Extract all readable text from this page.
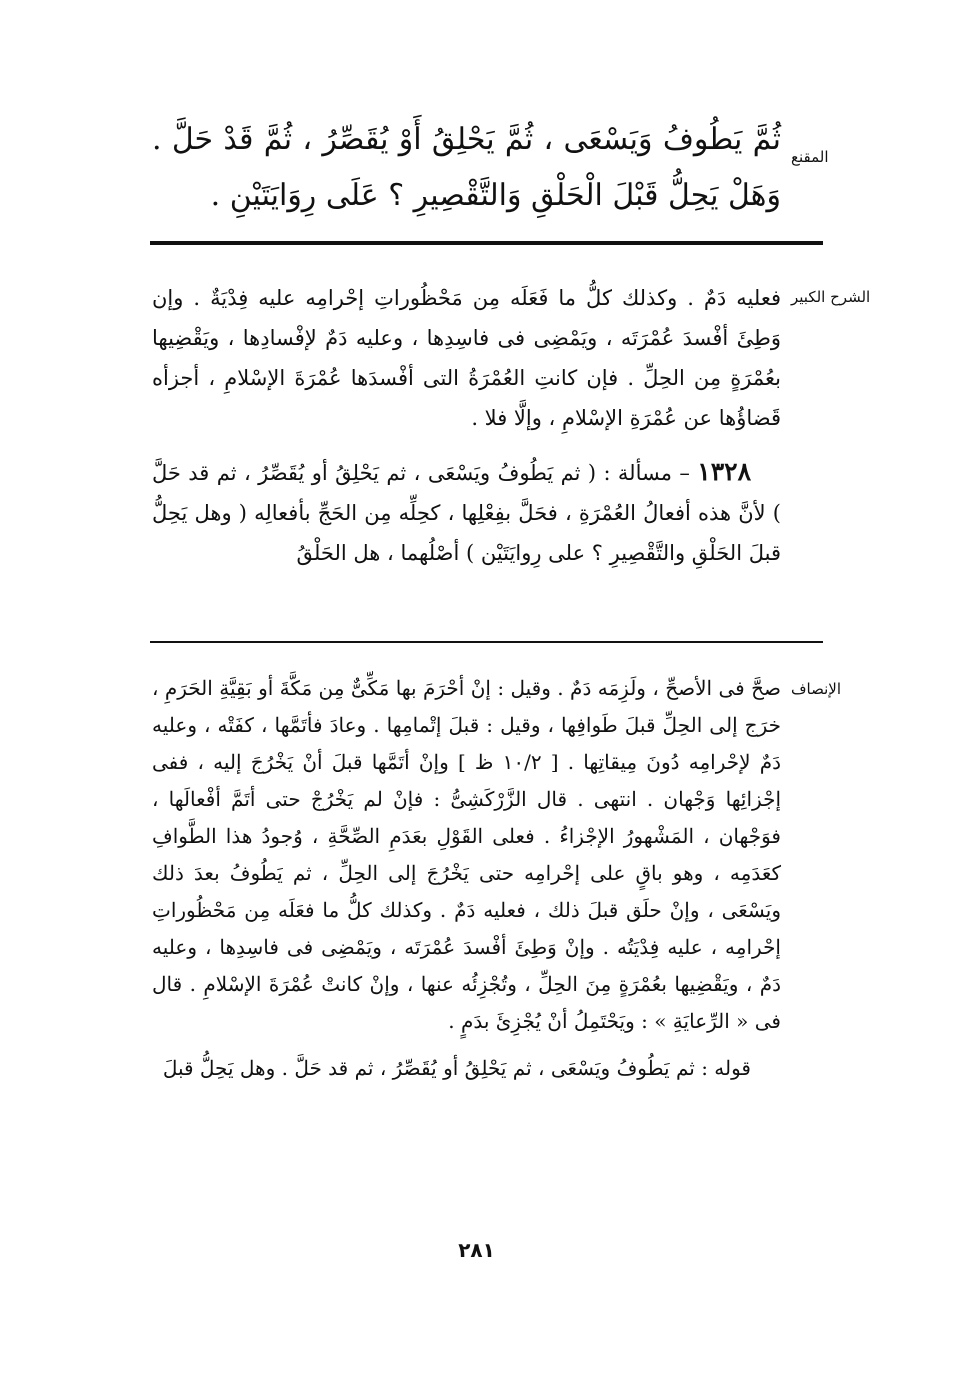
المقنع

ثُمَّ يَطُوفُ وَيَسْعَى ، ثُمَّ يَحْلِقُ أَوْ يُقَصِّرُ ، ثُمَّ قَدْ حَلَّ . وَهَلْ يَحِلُّ قَبْلَ الْحَلْقِ وَالتَّقْصِيرِ ؟ عَلَى رِوَايَتَيْنِ .

الشرح الكبير

فعليه دَمٌ . وكذلك كلُّ ما فَعَلَه مِن مَحْظُوراتِ إحْرامِه عليه فِدْيَةٌ . وإن وَطِئَ أفْسدَ عُمْرَتَه ، ويَمْضِى فى فاسِدِها ، وعليه دَمٌ لإفْسادِها ، ويَقْضِيها بعُمْرَةٍ مِن الحِلِّ . فإن كانتِ العُمْرَةُ التى أفْسدَها عُمْرَةَ الإسْلامِ ، أجزأه قَضاؤُها عن عُمْرَةِ الإسْلامِ ، وإلَّا فلا .

١٣٢٨ – مسألة : ( ثم يَطُوفُ ويَسْعَى ، ثم يَحْلِقُ أو يُقَصِّرُ ، ثم قد حَلَّ ) لأنَّ هذه أفعالُ العُمْرَةِ ، فحَلَّ بفِعْلِها ، كحِلِّه مِن الحَجِّ بأفعالِه ( وهل يَحِلُّ قبلَ الحَلْقِ والتَّقْصِيرِ ؟ على رِوايَتَيْن ) أصْلُهما ، هل الحَلْقُ

الإنصاف

صحَّ فى الأصحِّ ، ولَزِمَه دَمٌ . وقيل : إنْ أحْرَمَ بها مَكِّىٌّ مِن مَكَّةَ أو بَقِيَّةِ الحَرَمِ ، خرَج إلى الحِلِّ قبلَ طَوافِها ، وقيل : قبلَ إتْمامِها . وعادَ فأتَمَّها ، كفَتْه ، وعليه دَمٌ لإحْرامِه دُونَ مِيقاتِها . [ ١٠/٢ ظ ] وإنْ أتَمَّها قبلَ أنْ يَخْرُجَ إليه ، ففى إجْزائِها وَجْهان . انتهى . قال الزَّرْكَشِىُّ : فإنْ لم يَخْرُجْ حتى أتَمَّ أفْعالَها ، فوَجْهان ، المَشْهورُ الإجْزاءُ . فعلى القَوْلِ بعَدَمِ الصِّحَّةِ ، وُجودُ هذا الطَّوافِ كعَدَمِه ، وهو باقٍ على إحْرامِه حتى يَخْرُجَ إلى الحِلِّ ، ثم يَطُوفُ بعدَ ذلك ويَسْعَى ، وإنْ حلَق قبلَ ذلك ، فعليه دَمٌ . وكذلك كلُّ ما فعَلَه مِن مَحْظُوراتِ إحْرامِه ، عليه فِدْيَتُه . وإنْ وَطِئَ أفْسدَ عُمْرَتَه ، ويَمْضِى فى فاسِدِها ، وعليه دَمٌ ، ويَقْضِيها بعُمْرَةٍ مِنَ الحِلِّ ، وتُجْزِئُه عنها ، وإنْ كانتْ عُمْرَةَ الإسْلامِ . قال فى « الرِّعايَةِ » : ويَحْتَمِلُ أنْ يُجْزِئَ بدَمٍ .

قوله : ثم يَطُوفُ ويَسْعَى ، ثم يَحْلِقُ أو يُقَصِّرُ ، ثم قد حَلَّ . وهل يَحِلُّ قبلَ

٢٨١
